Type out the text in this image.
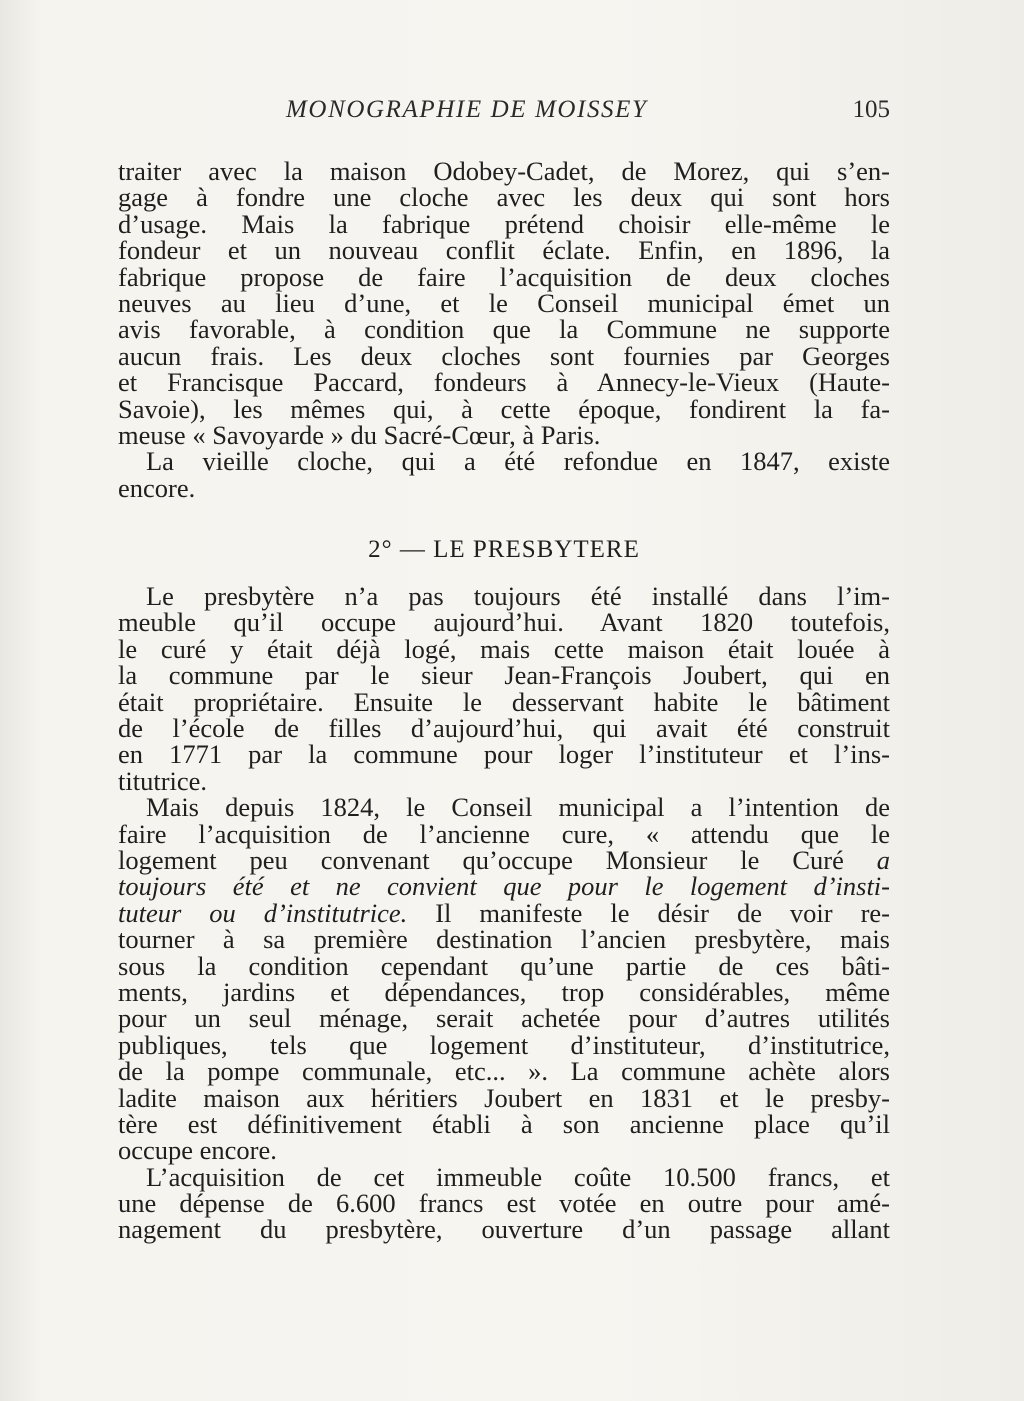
MONOGRAPHIE DE MOISSEY	105
traiter avec la maison Odobey-Cadet, de Morez, qui s’en-
gage à fondre une cloche avec les deux qui sont hors
d’usage. Mais la fabrique prétend choisir elle-même le
fondeur et un nouveau conflit éclate. Enfin, en 1896, la
fabrique propose de faire l’acquisition de deux cloches
neuves au lieu d’une, et le Conseil municipal émet un
avis favorable, à condition que la Commune ne supporte
aucun frais. Les deux cloches sont fournies par Georges
et Francisque Paccard, fondeurs à Annecy-le-Vieux (Haute-
Savoie), les mêmes qui, à cette époque, fondirent la fa-
meuse « Savoyarde » du Sacré-Cœur, à Paris.
La vieille cloche, qui a été refondue en 1847, existe
encore.
2° — LE PRESBYTERE
Le presbytère n’a pas toujours été installé dans l’im-
meuble qu’il occupe aujourd’hui. Avant 1820 toutefois,
le curé y était déjà logé, mais cette maison était louée à
la commune par le sieur Jean-François Joubert, qui en
était propriétaire. Ensuite le desservant habite le bâtiment
de l’école de filles d’aujourd’hui, qui avait été construit
en 1771 par la commune pour loger l’instituteur et l’ins-
titutrice.
Mais depuis 1824, le Conseil municipal a l’intention de
faire l’acquisition de l’ancienne cure, « attendu que le
logement peu convenant qu’occupe Monsieur le Curé a
toujours été et ne convient que pour le logement d’insti-
tuteur ou d’institutrice. Il manifeste le désir de voir re-
tourner à sa première destination l’ancien presbytère, mais
sous la condition cependant qu’une partie de ces bâti-
ments, jardins et dépendances, trop considérables, même
pour un seul ménage, serait achetée pour d’autres utilités
publiques, tels que logement d’instituteur, d’institutrice,
de la pompe communale, etc... ». La commune achète alors
ladite maison aux héritiers Joubert en 1831 et le presby-
tère est définitivement établi à son ancienne place qu’il
occupe encore.
L’acquisition de cet immeuble coûte 10.500 francs, et
une dépense de 6.600 francs est votée en outre pour amé-
nagement du presbytère, ouverture d’un passage allant
